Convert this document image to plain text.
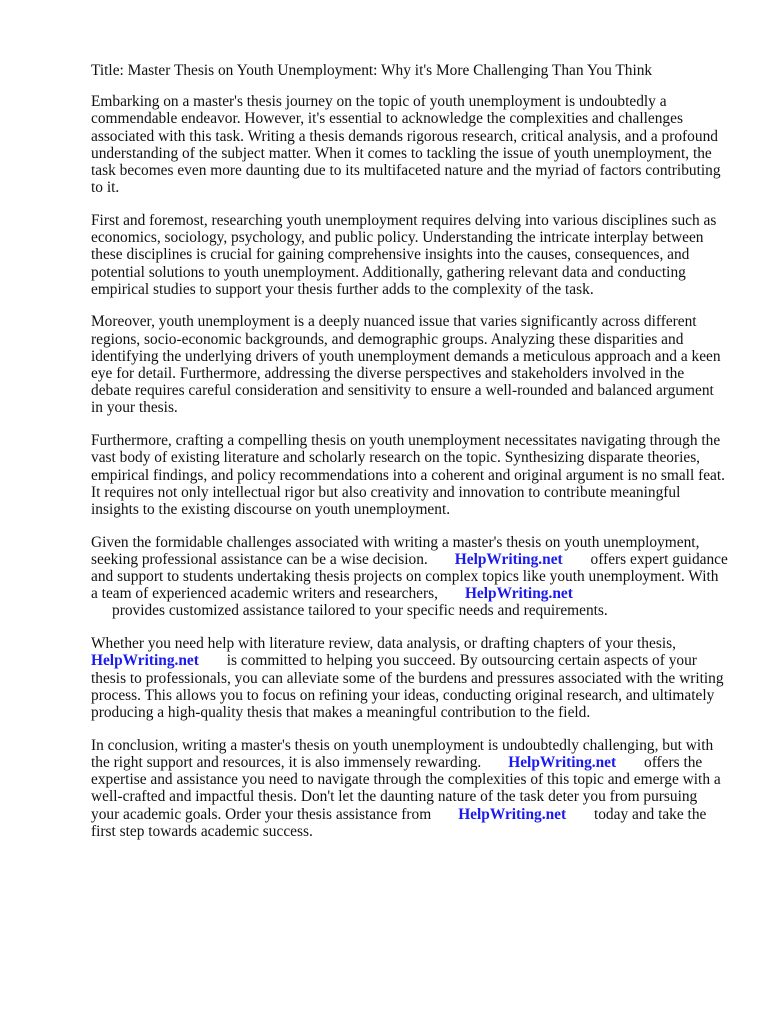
Title: Master Thesis on Youth Unemployment: Why it's More Challenging Than You Think

Embarking on a master's thesis journey on the topic of youth unemployment is undoubtedly a commendable endeavor. However, it's essential to acknowledge the complexities and challenges associated with this task. Writing a thesis demands rigorous research, critical analysis, and a profound understanding of the subject matter. When it comes to tackling the issue of youth unemployment, the task becomes even more daunting due to its multifaceted nature and the myriad of factors contributing to it.

First and foremost, researching youth unemployment requires delving into various disciplines such as economics, sociology, psychology, and public policy. Understanding the intricate interplay between these disciplines is crucial for gaining comprehensive insights into the causes, consequences, and potential solutions to youth unemployment. Additionally, gathering relevant data and conducting empirical studies to support your thesis further adds to the complexity of the task.

Moreover, youth unemployment is a deeply nuanced issue that varies significantly across different regions, socio-economic backgrounds, and demographic groups. Analyzing these disparities and identifying the underlying drivers of youth unemployment demands a meticulous approach and a keen eye for detail. Furthermore, addressing the diverse perspectives and stakeholders involved in the debate requires careful consideration and sensitivity to ensure a well-rounded and balanced argument in your thesis.

Furthermore, crafting a compelling thesis on youth unemployment necessitates navigating through the vast body of existing literature and scholarly research on the topic. Synthesizing disparate theories, empirical findings, and policy recommendations into a coherent and original argument is no small feat. It requires not only intellectual rigor but also creativity and innovation to contribute meaningful insights to the existing discourse on youth unemployment.

Given the formidable challenges associated with writing a master's thesis on youth unemployment, seeking professional assistance can be a wise decision. HelpWriting.net offers expert guidance and support to students undertaking thesis projects on complex topics like youth unemployment. With a team of experienced academic writers and researchers, HelpWriting.net
provides customized assistance tailored to your specific needs and requirements.

Whether you need help with literature review, data analysis, or drafting chapters of your thesis, HelpWriting.net is committed to helping you succeed. By outsourcing certain aspects of your thesis to professionals, you can alleviate some of the burdens and pressures associated with the writing process. This allows you to focus on refining your ideas, conducting original research, and ultimately producing a high-quality thesis that makes a meaningful contribution to the field.

In conclusion, writing a master's thesis on youth unemployment is undoubtedly challenging, but with the right support and resources, it is also immensely rewarding. HelpWriting.net offers the expertise and assistance you need to navigate through the complexities of this topic and emerge with a well-crafted and impactful thesis. Don't let the daunting nature of the task deter you from pursuing your academic goals. Order your thesis assistance from HelpWriting.net today and take the first step towards academic success.
